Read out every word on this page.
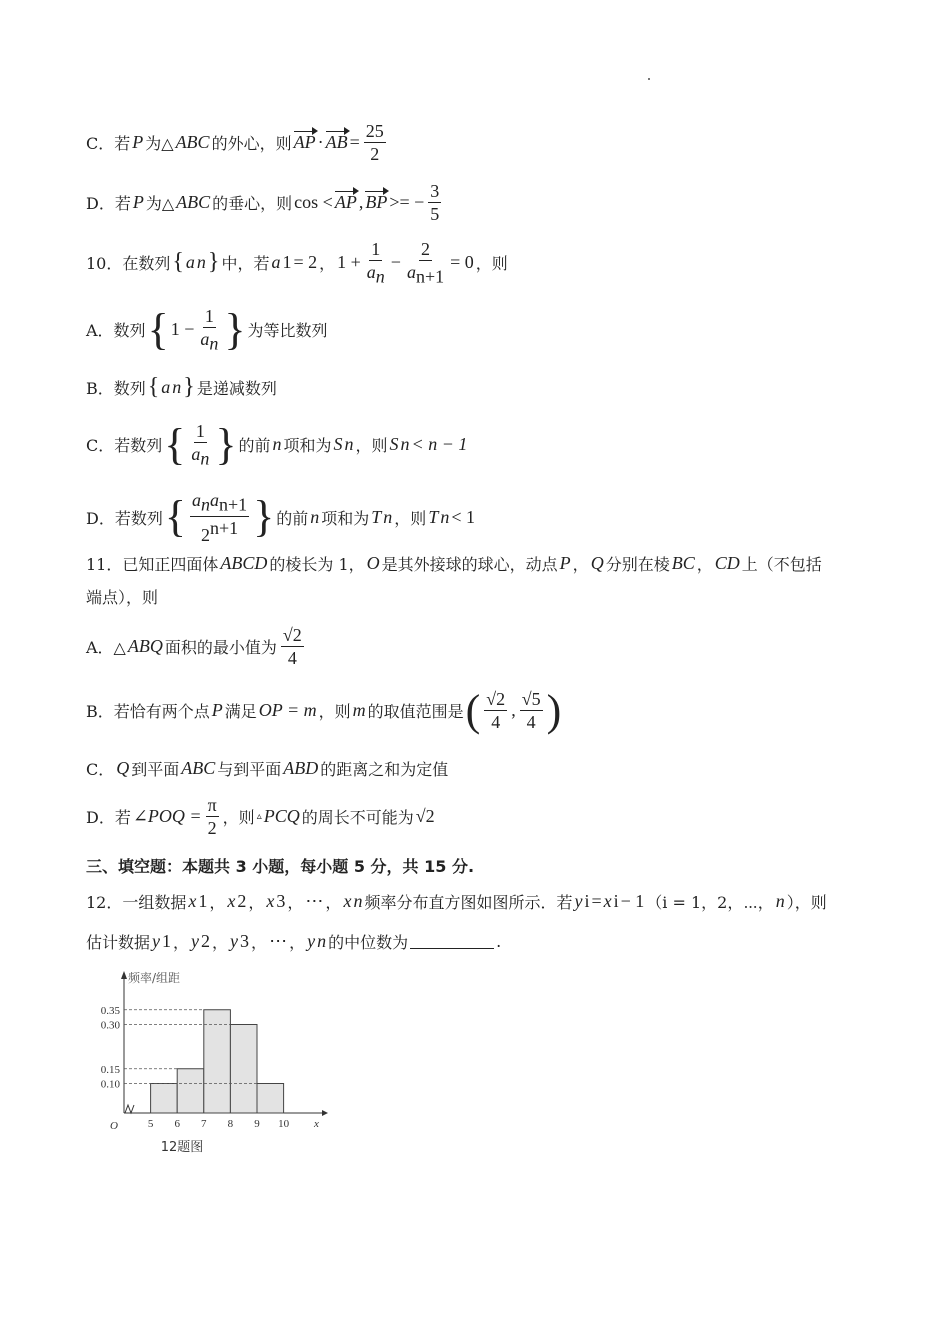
C．若 P 为△ ABC 的外心，则 AP · AB = $\frac{25}{2}$
D．若 P 为△ ABC 的垂心，则 cos < AP , BP >= − $\frac{3}{5}$
10．在数列 { a n } 中，若 a 1 = 2 ， $1 + \frac{1}{a_n} - \frac{2}{a_{n+1}} = 0$ ，则
A．数列 { $1 - \frac{1}{a_n}$ } 为等比数列
B．数列 { a n } 是递减数列
C．若数列 { $\frac{1}{a_n}$ } 的前 n 项和为 S n ，则 S n < n − 1
D．若数列 { $\frac{a_na_{n+1}}{2^{n+1}}$ } 的前 n 项和为 T n ，则 T n < 1
11．已知正四面体 ABCD 的棱长为 1， O 是其外接球的球心，动点 P ， Q 分别在棱 BC ， CD 上（不包括
端点），则
A．△ ABQ 面积的最小值为 $\frac{√2}{4}$
B．若恰有两个点 P 满足 OP = m ，则 m 的取值范围是 ( $\frac{√2}{4}$ , $\frac{√5}{4}$ )
C． Q 到平面 ABC 与到平面 ABD 的距离之和为定值
D．若 ∠POQ = $\frac{\pi}{2}$ ，则 ▵ PCQ 的周长不可能为 √2
三、填空题：本题共 3 小题，每小题 5 分，共 15 分.
12．一组数据 x 1 ， x 2 ， x 3 ， ⋯ ， x n 频率分布直方图如图所示．若 y i = x i − 1 （i = 1，2，⋯， n ），则
估计数据 y 1 ， y 2 ， y 3 ， ⋯ ， y n 的中位数为	.
0.10
0.15
0.30
0.35
5 6 7 8 9 10 x
O
频率/组距
12题图
